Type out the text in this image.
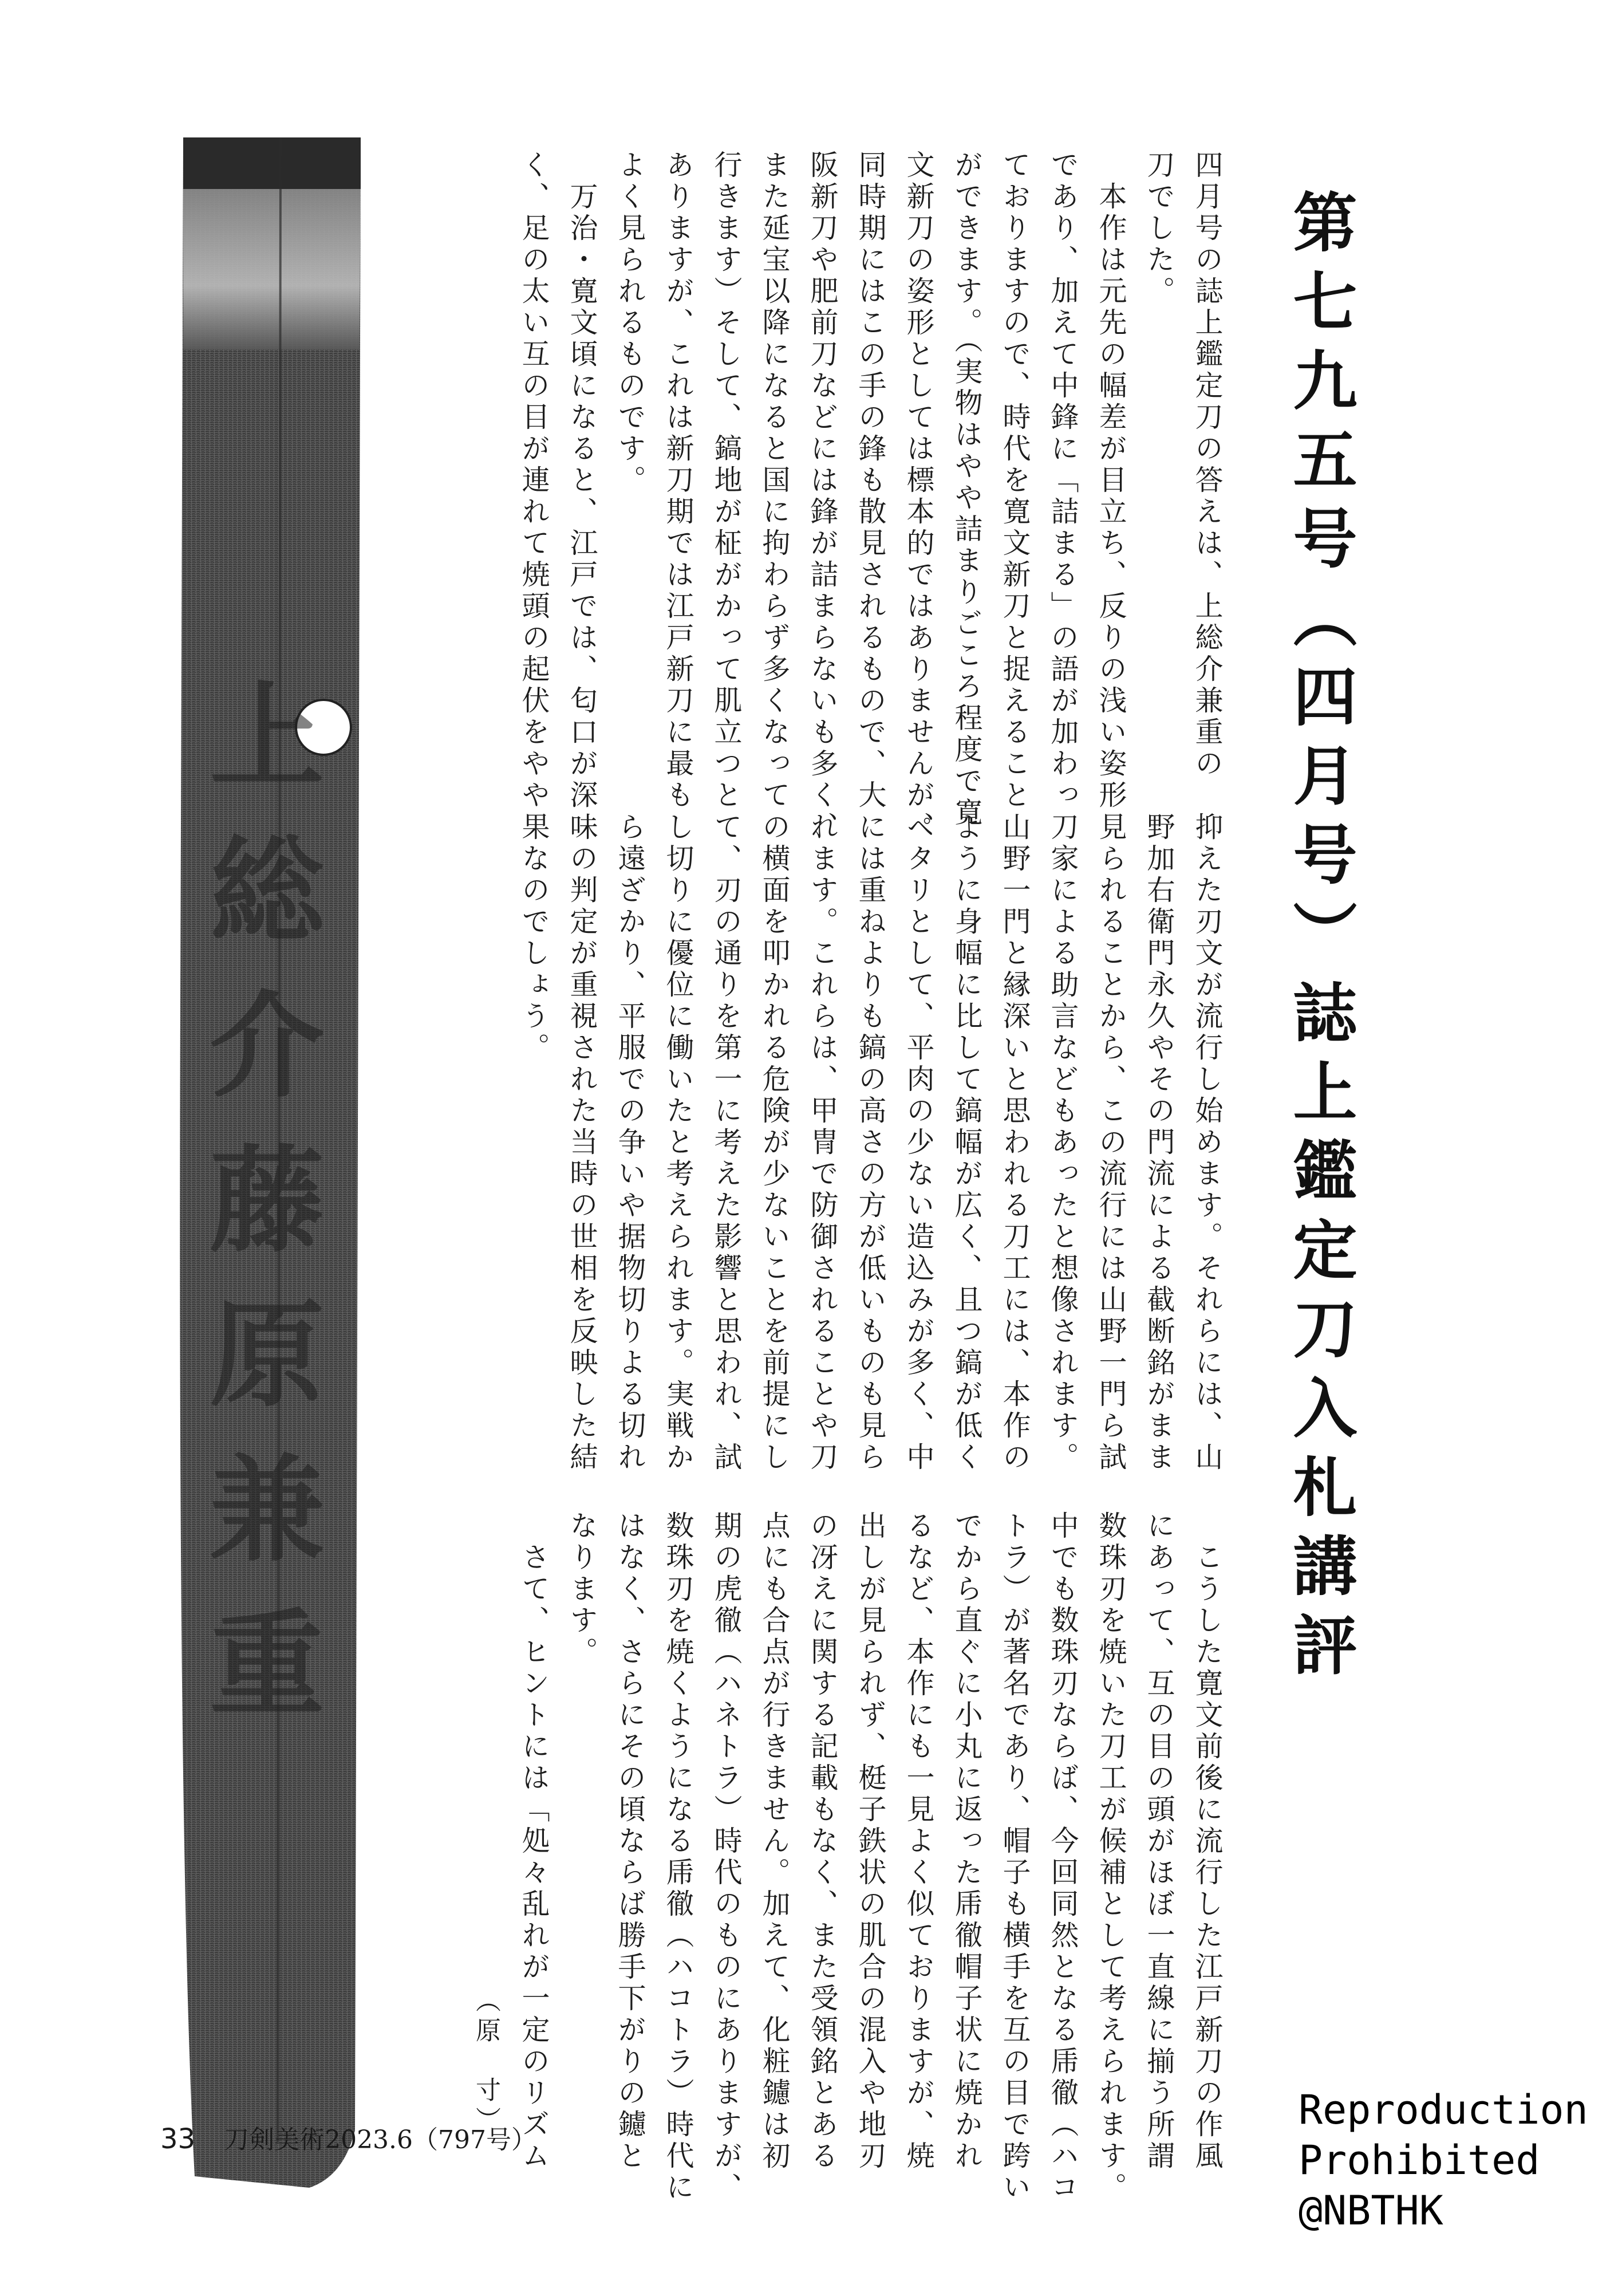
上総介藤原兼重	第七九五号（四月号）誌上鑑定刀入札講評
四月号の誌上鑑定刀の答えは、上総介兼重の
刀でした。
　本作は元先の幅差が目立ち、反りの浅い姿形
であり、加えて中鋒に「詰まる」の語が加わっ
ておりますので、時代を寛文新刀と捉えること
ができます。（実物はやや詰まりごころ程度で寛
文新刀の姿形としては標本的ではありませんが、
同時期にはこの手の鋒も散見されるもので、大
阪新刀や肥前刀などには鋒が詰まらないも多く、
また延宝以降になると国に拘わらず多くなって
行きます）そして、鎬地が柾がかって肌立つと
ありますが、これは新刀期では江戸新刀に最も
よく見られるものです。
　万治・寛文頃になると、江戸では、匂口が深
く、足の太い互の目が連れて焼頭の起伏をやや
抑えた刃文が流行し始めます。それらには、山
野加右衛門永久やその門流による截断銘がまま
見られることから、この流行には山野一門ら試
刀家による助言などもあったと想像されます。
山野一門と縁深いと思われる刀工には、本作の
ように身幅に比して鎬幅が広く、且つ鎬が低く
ペタリとして、平肉の少ない造込みが多く、中
には重ねよりも鎬の高さの方が低いものも見ら
れます。これらは、甲冑で防御されることや刀
の横面を叩かれる危険が少ないことを前提にし
て、刃の通りを第一に考えた影響と思われ、試
し切りに優位に働いたと考えられます。実戦か
ら遠ざかり、平服での争いや据物切りよる切れ
味の判定が重視された当時の世相を反映した結
果なのでしょう。
　こうした寛文前後に流行した江戸新刀の作風
にあって、互の目の頭がほぼ一直線に揃う所謂
数珠刃を焼いた刀工が候補として考えられます。
中でも数珠刃ならば、今回同然となる乕徹（ハコ
トラ）が著名であり、帽子も横手を互の目で跨い
でから直ぐに小丸に返った乕徹帽子状に焼かれ
るなど、本作にも一見よく似ておりますが、焼
出しが見られず、梃子鉄状の肌合の混入や地刃
の冴えに関する記載もなく、また受領銘とある
点にも合点が行きません。加えて、化粧鑢は初
期の虎徹（ハネトラ）時代のものにありますが、
数珠刃を焼くようになる乕徹（ハコトラ）時代に
はなく、さらにその頃ならば勝手下がりの鑢と
なります。
　さて、ヒントには「処々乱れが一定のリズム
（原　寸）
33 刀剣美術2023.6（797号）
Reproduction
Prohibited
@NBTHK
